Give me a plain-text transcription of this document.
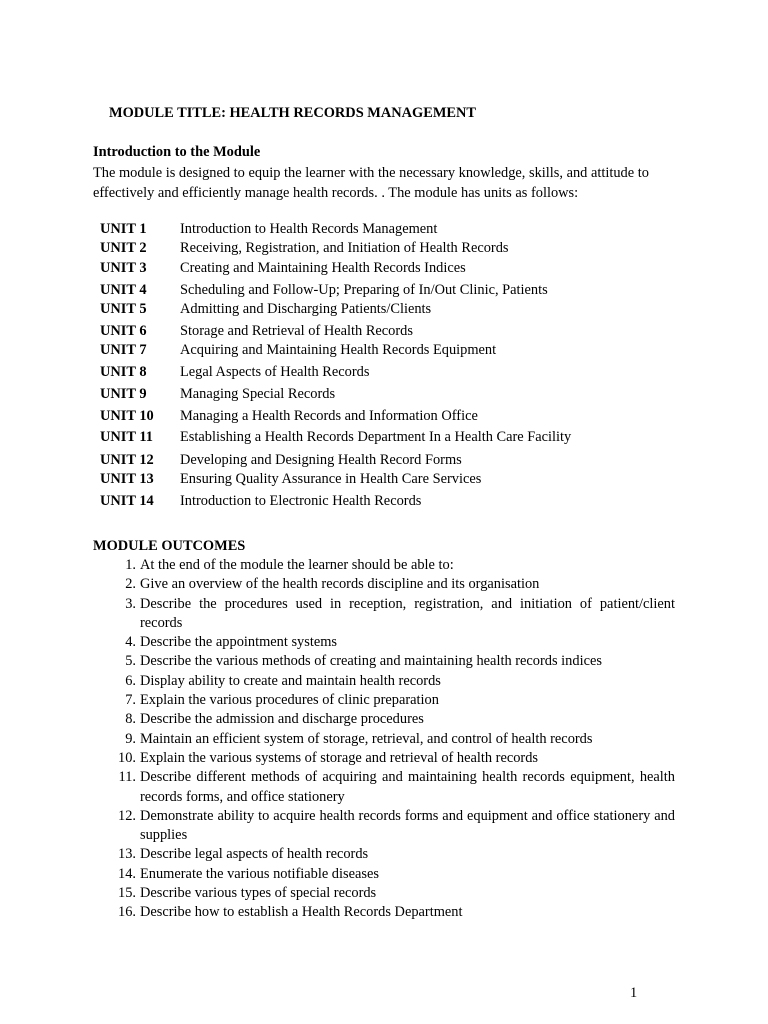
MODULE TITLE: HEALTH RECORDS MANAGEMENT
Introduction to the Module
The module is designed to equip the learner with the necessary knowledge, skills, and attitude to effectively and efficiently manage health records. . The module has units as follows:
UNIT 1 Introduction to Health Records Management
UNIT 2 Receiving, Registration, and Initiation of Health Records
UNIT 3 Creating and Maintaining Health Records Indices
UNIT 4 Scheduling and Follow-Up; Preparing of In/Out Clinic, Patients
UNIT 5 Admitting and Discharging Patients/Clients
UNIT 6 Storage and Retrieval of Health Records
UNIT 7 Acquiring and Maintaining Health Records Equipment
UNIT 8 Legal Aspects of Health Records
UNIT 9 Managing Special Records
UNIT 10 Managing a Health Records and Information Office
UNIT 11 Establishing a Health Records Department In a Health Care Facility
UNIT 12 Developing and Designing Health Record Forms
UNIT 13 Ensuring Quality Assurance in Health Care Services
UNIT 14 Introduction to Electronic Health Records
MODULE OUTCOMES
1. At the end of the module the learner should be able to:
2. Give an overview of the health records discipline and its organisation
3. Describe the procedures used in reception, registration, and initiation of patient/client records
4. Describe the appointment systems
5. Describe the various methods of creating and maintaining health records indices
6. Display ability to create and maintain health records
7. Explain the various procedures of clinic preparation
8. Describe the admission and discharge procedures
9. Maintain an efficient system of storage, retrieval, and control of health records
10. Explain the various systems of storage and retrieval of health records
11. Describe different methods of acquiring and maintaining health records equipment, health records forms, and office stationery
12. Demonstrate ability to acquire health records forms and equipment and office stationery and supplies
13. Describe legal aspects of health records
14. Enumerate the various notifiable diseases
15. Describe various types of special records
16. Describe how to establish a Health Records Department
1
